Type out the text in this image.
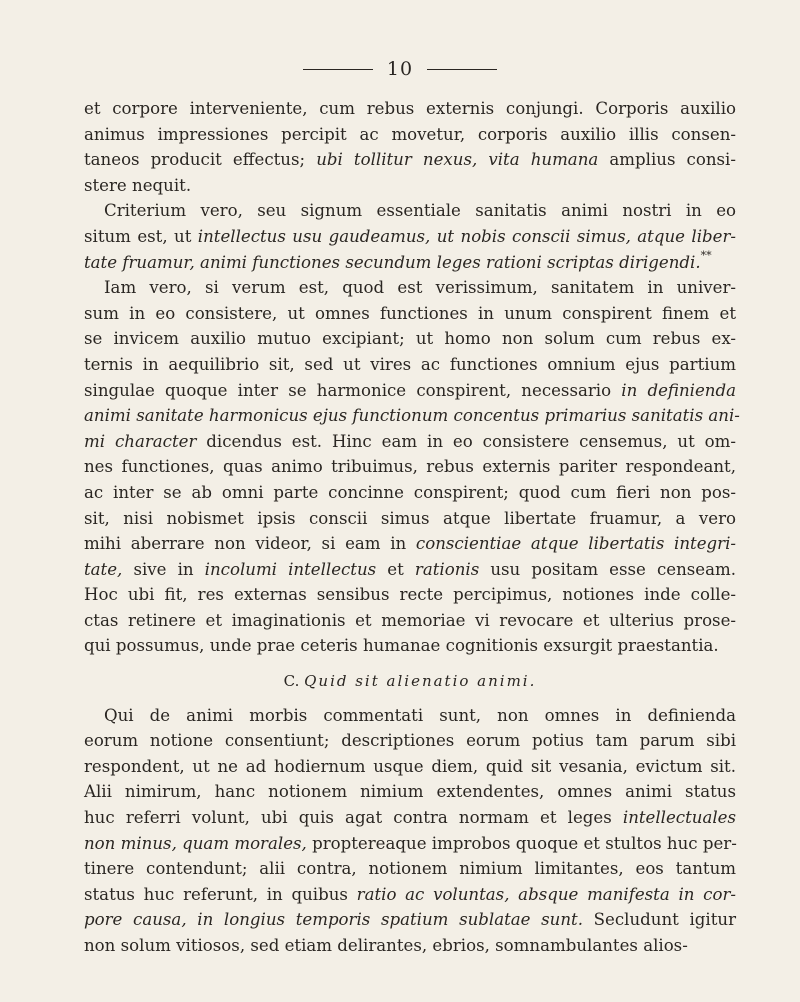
10
et corpore interveniente, cum rebus externis conjungi. Corporis auxilio
animus impressiones percipit ac movetur, corporis auxilio illis consen-
taneos producit effectus; ubi tollitur nexus, vita humana amplius consi-
stere nequit.
Criterium vero, seu signum essentiale sanitatis animi nostri in eo
situm est, ut intellectus usu gaudeamus, ut nobis conscii simus, atque liber-
tate fruamur, animi functiones secundum leges rationi scriptas dirigendi.**
Iam vero, si verum est, quod est verissimum, sanitatem in univer-
sum in eo consistere, ut omnes functiones in unum conspirent finem et
se invicem auxilio mutuo excipiant; ut homo non solum cum rebus ex-
ternis in aequilibrio sit, sed ut vires ac functiones omnium ejus partium
singulae quoque inter se harmonice conspirent, necessario in definienda
animi sanitate harmonicus ejus functionum concentus primarius sanitatis ani-
mi character dicendus est. Hinc eam in eo consistere censemus, ut om-
nes functiones, quas animo tribuimus, rebus externis pariter respondeant,
ac inter se ab omni parte concinne conspirent; quod cum fieri non pos-
sit, nisi nobismet ipsis conscii simus atque libertate fruamur, a vero
mihi aberrare non videor, si eam in conscientiae atque libertatis integri-
tate, sive in incolumi intellectus et rationis usu positam esse censeam.
Hoc ubi fit, res externas sensibus recte percipimus, notiones inde colle-
ctas retinere et imaginationis et memoriae vi revocare et ulterius prose-
qui possumus, unde prae ceteris humanae cognitionis exsurgit praestantia.
C. Quid sit alienatio animi.
Qui de animi morbis commentati sunt, non omnes in definienda
eorum notione consentiunt; descriptiones eorum potius tam parum sibi
respondent, ut ne ad hodiernum usque diem, quid sit vesania, evictum sit.
Alii nimirum, hanc notionem nimium extendentes, omnes animi status
huc referri volunt, ubi quis agat contra normam et leges intellectuales
non minus, quam morales, proptereaque improbos quoque et stultos huc per-
tinere contendunt; alii contra, notionem nimium limitantes, eos tantum
status huc referunt, in quibus ratio ac voluntas, absque manifesta in cor-
pore causa, in longius temporis spatium sublatae sunt. Secludunt igitur
non solum vitiosos, sed etiam delirantes, ebrios, somnambulantes alios-
